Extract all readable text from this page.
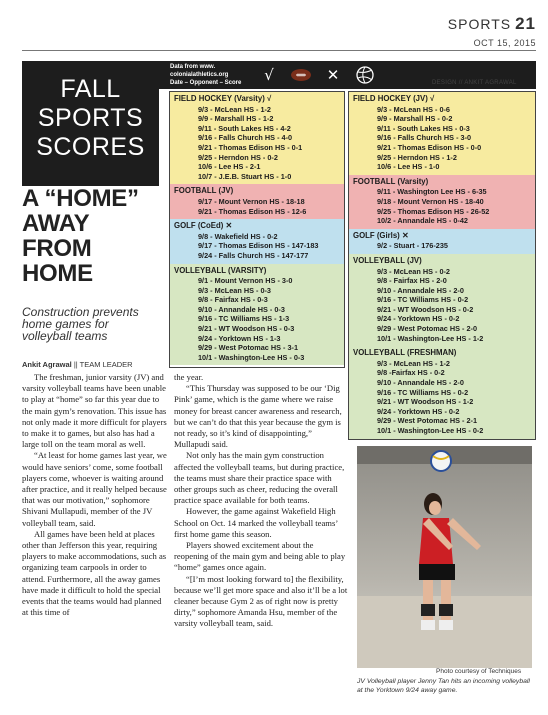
SPORTS 21
OCT 15, 2015
FALL
SPORTS
SCORES
Data from www.
colonialathletics.org
Date – Opponent – Score	√	✕	DESIGN // ANKIT AGRAWAL
FIELD HOCKEY (Varsity) √
9/3 - McLean HS - 1-2
9/9 - Marshall HS - 1-2
9/11 - South Lakes HS - 4-2
9/16 - Falls Church HS - 4-0
9/21 - Thomas Edison HS - 0-1
9/25 - Herndon HS - 0-2
10/6 - Lee HS - 2-1
10/7 - J.E.B. Stuart HS - 1-0
FOOTBALL (JV)
9/17 - Mount Vernon HS - 18-18
9/21 - Thomas Edison HS - 12-6
GOLF (CoEd) ✕
9/8 - Wakefield HS - 0-2
9/17 - Thomas Edison HS - 147-183
9/24 - Falls Church HS - 147-177
VOLLEYBALL (VARSITY)
9/1 - Mount Vernon HS - 3-0
9/3 - McLean HS - 0-3
9/8 - Fairfax HS - 0-3
9/10 - Annandale HS - 0-3
9/16 - TC Williams HS - 1-3
9/21 - WT Woodson HS - 0-3
9/24 - Yorktown HS - 1-3
9/29 - West Potomac HS - 3-1
10/1 - Washington-Lee HS - 0-3
FIELD HOCKEY (JV) √
9/3 - McLean HS - 0-6
9/9 - Marshall HS - 0-2
9/11 - South Lakes HS - 0-3
9/16 - Falls Church HS - 3-0
9/21 - Thomas Edison HS - 0-0
9/25 - Herndon HS - 1-2
10/6 - Lee HS - 1-0
FOOTBALL (Varsity)
9/11 - Washington Lee HS - 6-35
9/18 - Mount Vernon HS - 18-40
9/25 - Thomas Edison HS - 26-52
10/2 - Annandale HS - 0-42
GOLF (Girls) ✕
9/2 - Stuart - 176-235
VOLLEYBALL (JV)
9/3 - McLean HS - 0-2
9/8 - Fairfax HS - 2-0
9/10 - Annandale HS - 2-0
9/16 - TC Williams HS - 0-2
9/21 - WT Woodson HS - 0-2
9/24 - Yorktown HS - 0-2
9/29 - West Potomac HS - 2-0
10/1 - Washington-Lee HS - 1-2
VOLLEYBALL (FRESHMAN)
9/3 - McLean HS - 1-2
9/8 -Fairfax HS - 0-2
9/10 - Annandale HS - 2-0
9/16 - TC Williams HS - 0-2
9/21 - WT Woodson HS - 1-2
9/24 - Yorktown HS - 0-2
9/29 - West Potomac HS - 2-1
10/1 - Washington-Lee HS - 0-2
A “HOME”
AWAY
FROM
HOME
Construction prevents home games for volleyball teams
Ankit Agrawal || TEAM LEADER

The freshman, junior varsity (JV) and varsity volleyball teams have been unable to play at “home” so far this year due to the main gym’s renovation. This issue has not only made it more difficult for players to make it to games, but also has had a large toll on the team moral as well.

“At least for home games last year, we would have seniors’ come, some football players come, whoever is waiting around after practice, and it really helped because that was our motivation,” sophomore Shivani Mullapudi, member of the JV volleyball team, said.

All games have been held at places other than Jefferson this year, requiring players to make accommodations, such as organizing team carpools in order to attend. Furthermore, all the away games have made it difficult to hold the special events that the teams would had planned at this time of

the year.

“This Thursday was supposed to be our ‘Dig Pink’ game, which is the game where we raise money for breast cancer awareness and research, but we can’t do that this year because the gym is not ready, so it’s kind of disappointing,” Mullapudi said.

Not only has the main gym construction affected the volleyball teams, but during practice, the teams must share their practice space with other groups such as cheer, reducing the overall practice space available for both teams.

However, the game against Wakefield High School on Oct. 14 marked the volleyball teams’ first home game this season.

Players showed excitement about the reopening of the main gym and being able to play “home” games once again.

“[I’m most looking forward to] the flexibility, because we’ll get more space and also it’ll be a lot cleaner because Gym 2 as of right now is pretty dirty,” sophomore Amanda Hsu, member of the varsity volleyball team, said.

Photo courtesy of Techniques
JV Volleyball player Jenny Tan hits an incoming volleyball at the Yorktown 9/24 away game.
